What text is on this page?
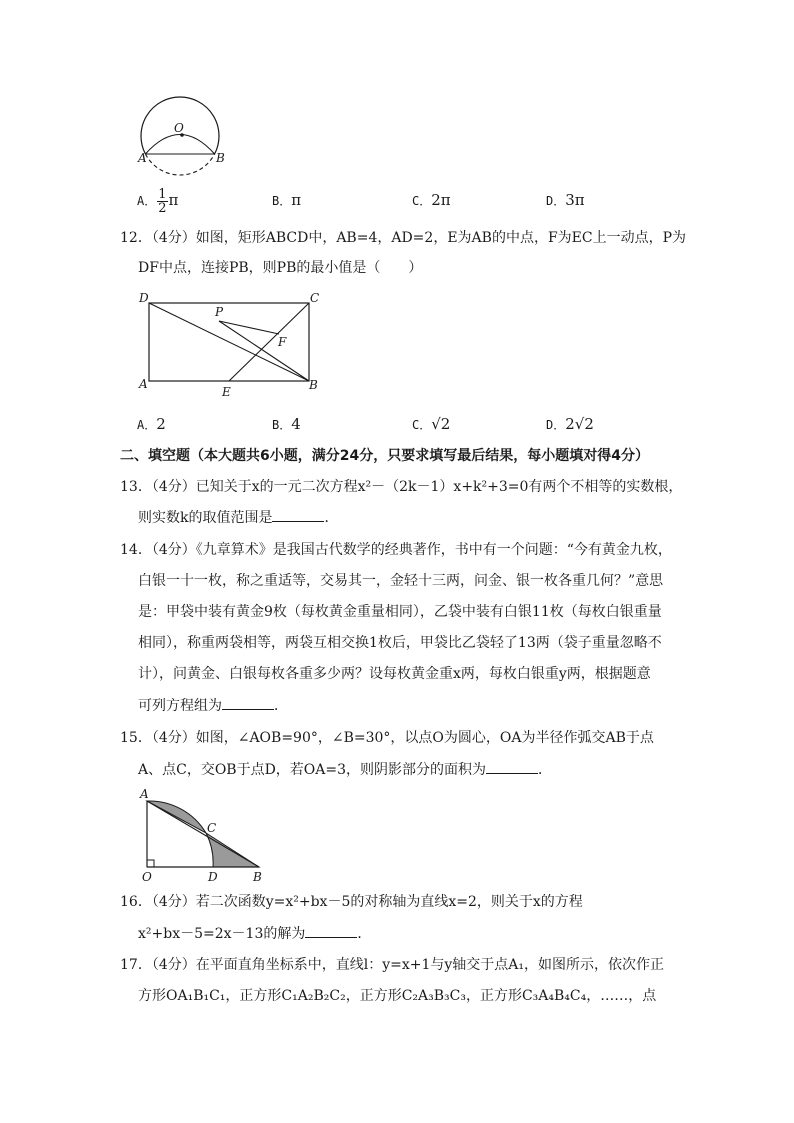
O
A	B
A． $\frac{1}{2}$ π	B．π	C．2π	D．3π
12．（4分）如图，矩形ABCD中，AB=4，AD=2，E为AB的中点，F为EC上一动点，P为
DF中点，连接PB，则PB的最小值是（　　）
D	C
P
F
A
E	B
A．2	B．4	C．√2	D．2√2
二、填空题（本大题共6小题，满分24分，只要求填写最后结果，每小题填对得4分）
13．（4分）已知关于x的一元二次方程x²－（2k－1）x+k²+3=0有两个不相等的实数根，
则实数k的取值范围是	．
14．（4分）《九章算术》是我国古代数学的经典著作，书中有一个问题：“今有黄金九枚，
白银一十一枚，称之重适等，交易其一，金轻十三两，问金、银一枚各重几何？”意思
是：甲袋中装有黄金9枚（每枚黄金重量相同），乙袋中装有白银11枚（每枚白银重量
相同），称重两袋相等，两袋互相交换1枚后，甲袋比乙袋轻了13两（袋子重量忽略不
计），问黄金、白银每枚各重多少两？设每枚黄金重x两，每枚白银重y两，根据题意
可列方程组为	．
15．（4分）如图，∠AOB=90°，∠B=30°，以点O为圆心，OA为半径作弧交AB于点
A、点C，交OB于点D，若OA=3，则阴影部分的面积为	．
A
C
O	D	B
16．（4分）若二次函数y=x²+bx－5的对称轴为直线x=2，则关于x的方程
x²+bx－5=2x－13的解为	．
17．（4分）在平面直角坐标系中，直线l：y=x+1与y轴交于点A₁，如图所示，依次作正
方形OA₁B₁C₁，正方形C₁A₂B₂C₂，正方形C₂A₃B₃C₃，正方形C₃A₄B₄C₄，……，点
